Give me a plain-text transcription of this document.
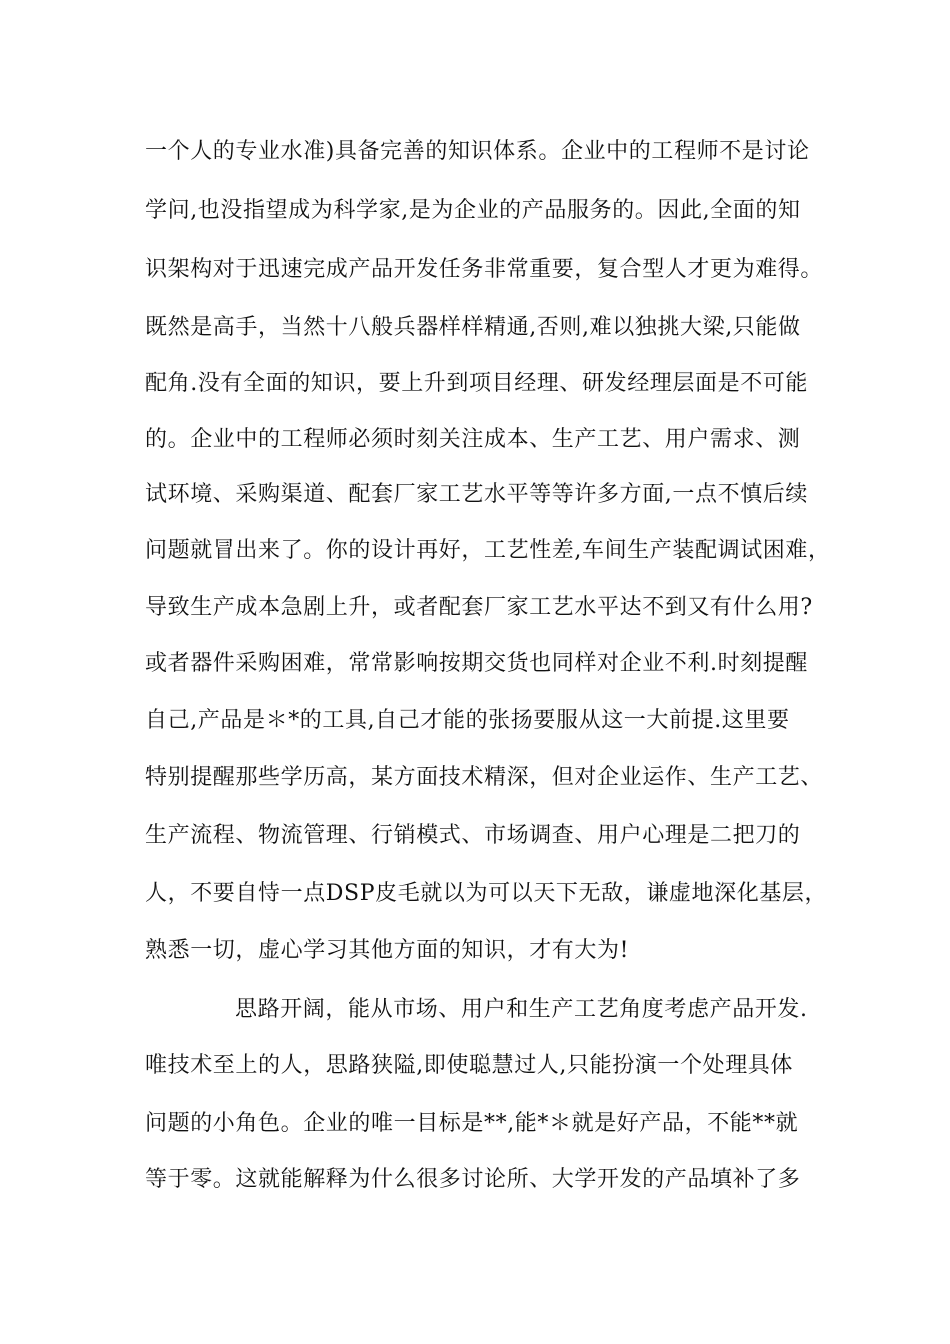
一个人的专业水准)具备完善的知识体系。企业中的工程师不是讨论
学问,也没指望成为科学家,是为企业的产品服务的。因此,全面的知
识架构对于迅速完成产品开发任务非常重要，复合型人才更为难得。
既然是高手，当然十八般兵器样样精通,否则,难以独挑大梁,只能做
配角.没有全面的知识，要上升到项目经理、研发经理层面是不可能
的。企业中的工程师必须时刻关注成本、生产工艺、用户需求、测
试环境、采购渠道、配套厂家工艺水平等等许多方面,一点不慎后续
问题就冒出来了。你的设计再好，工艺性差,车间生产装配调试困难，
导致生产成本急剧上升，或者配套厂家工艺水平达不到又有什么用?
或者器件采购困难，常常影响按期交货也同样对企业不利.时刻提醒
自己,产品是＊*的工具,自己才能的张扬要服从这一大前提.这里要
特别提醒那些学历高，某方面技术精深，但对企业运作、生产工艺、
生产流程、物流管理、行销模式、市场调查、用户心理是二把刀的
人，不要自恃一点DSP皮毛就以为可以天下无敌，谦虚地深化基层，
熟悉一切，虚心学习其他方面的知识，才有大为!
思路开阔，能从市场、用户和生产工艺角度考虑产品开发.
唯技术至上的人，思路狭隘,即使聪慧过人,只能扮演一个处理具体
问题的小角色。企业的唯一目标是**,能*＊就是好产品，不能**就
等于零。这就能解释为什么很多讨论所、大学开发的产品填补了多
